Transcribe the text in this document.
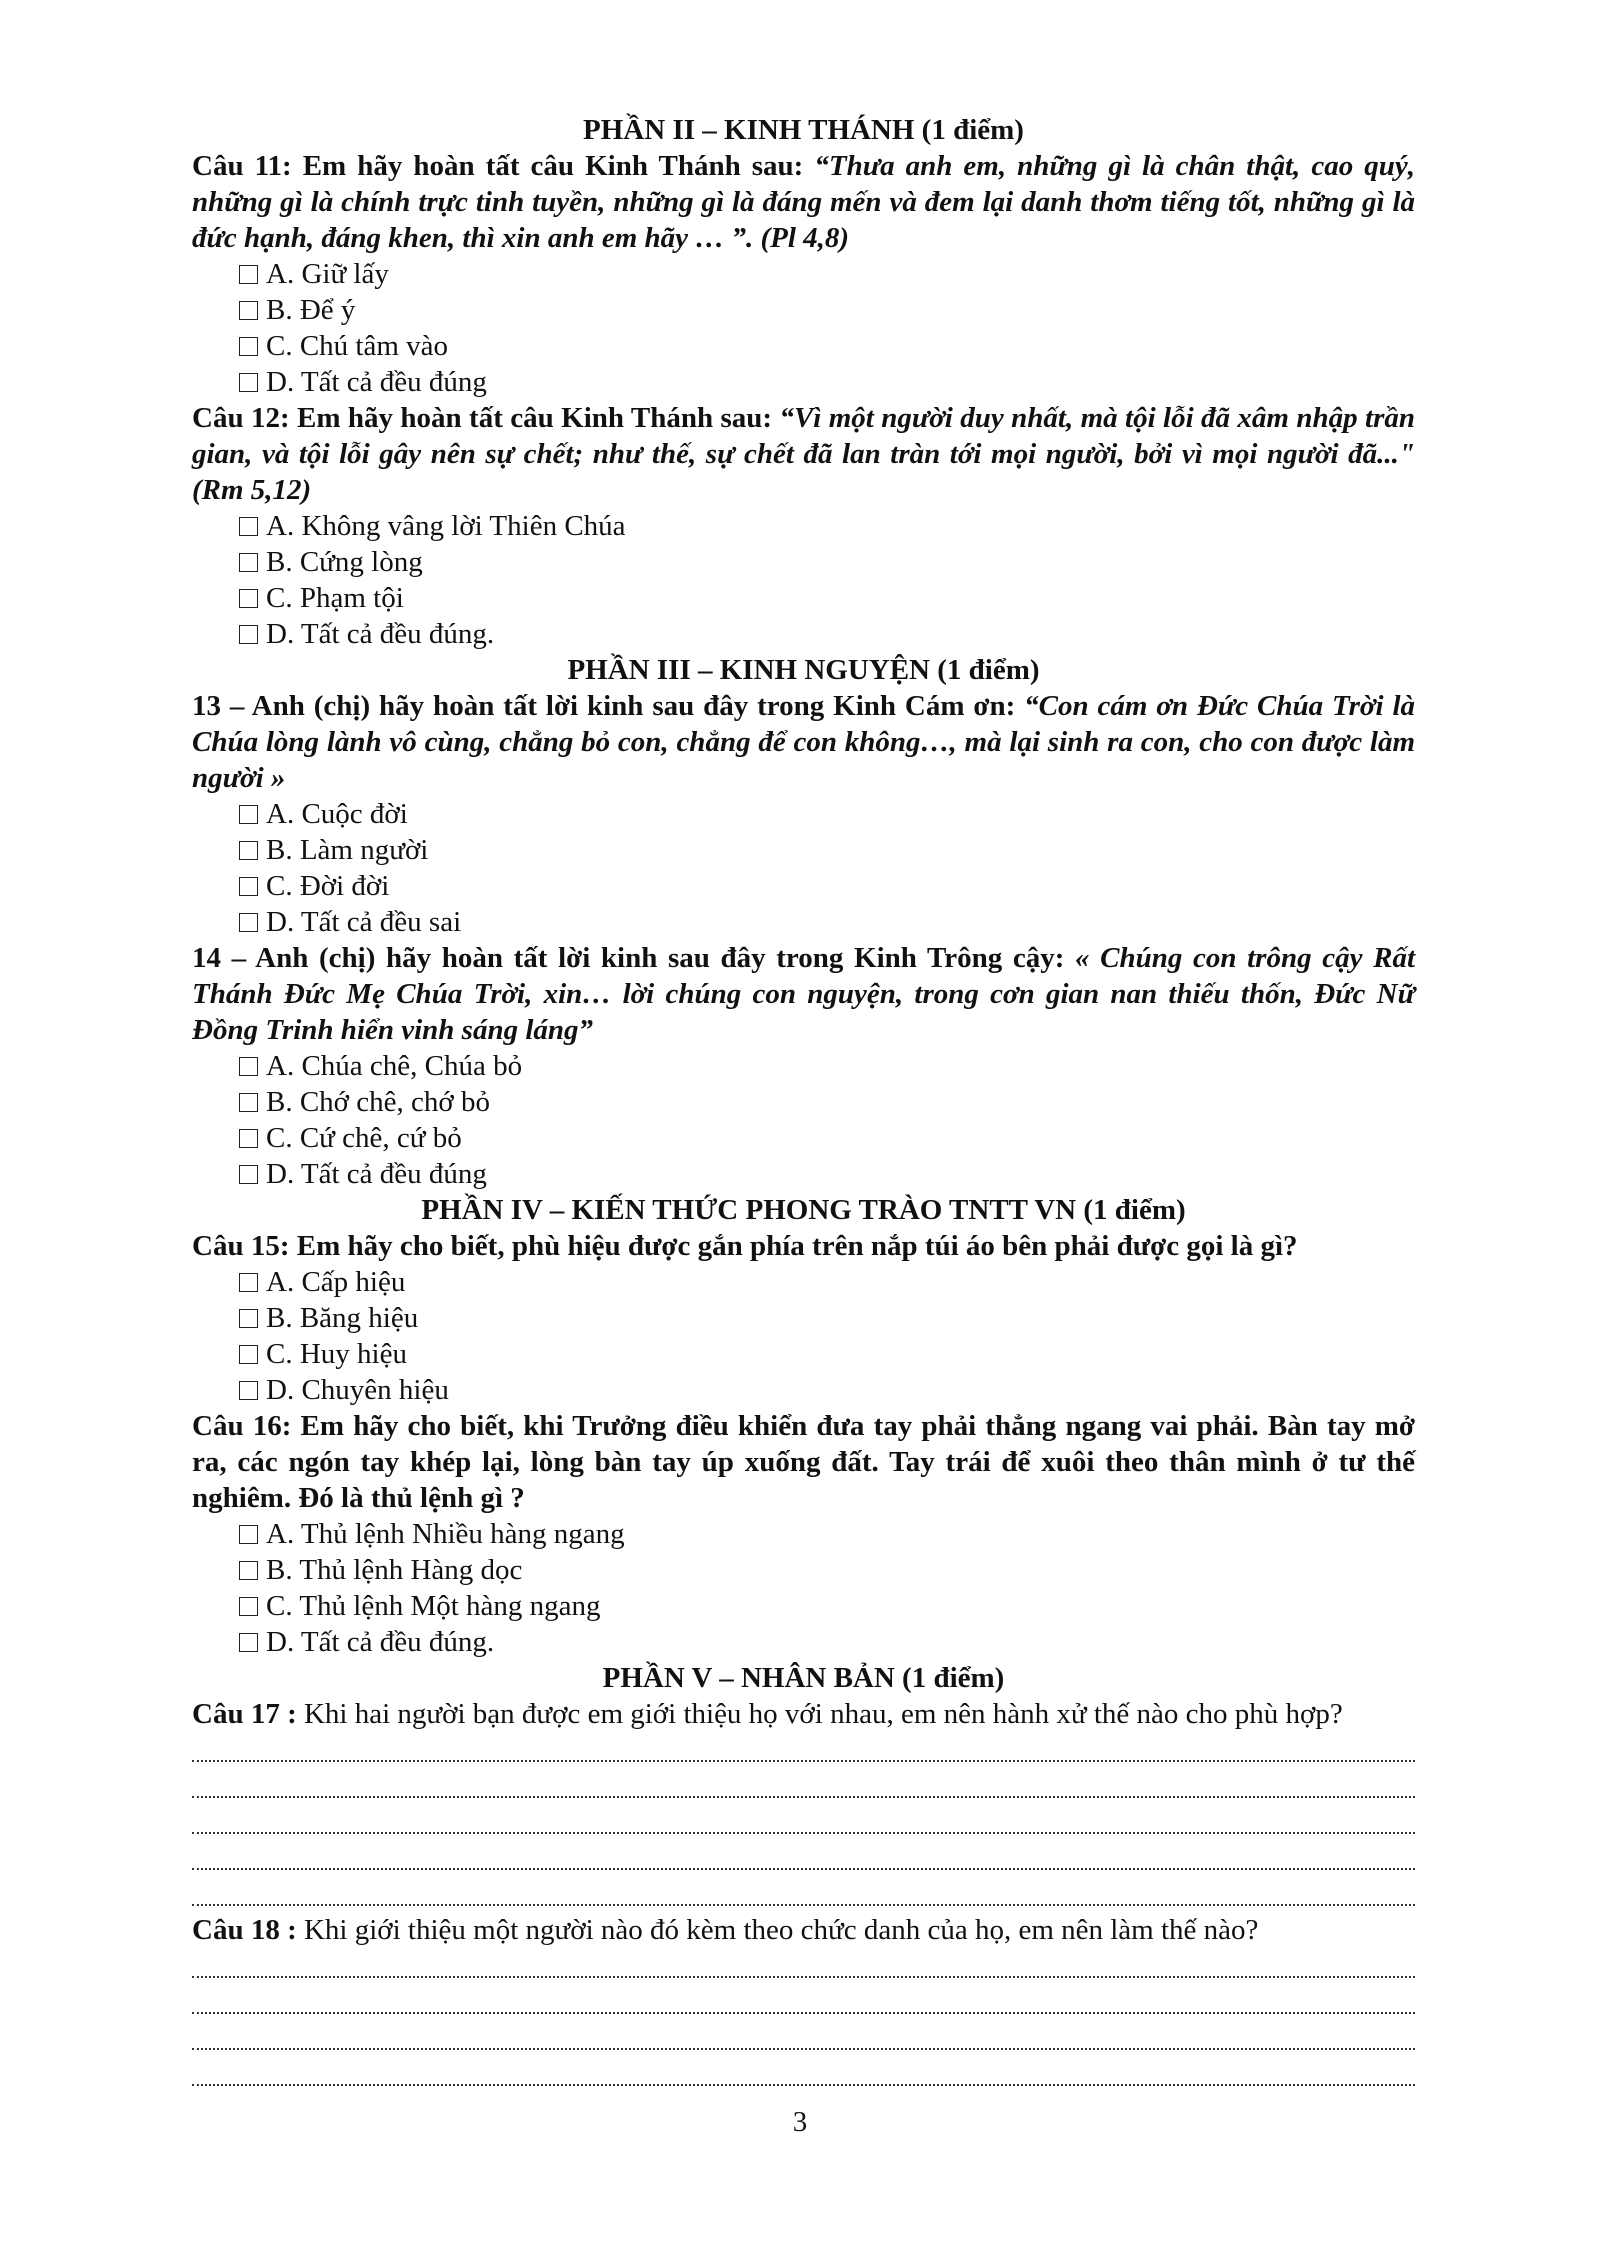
PHẦN II – KINH THÁNH (1 điểm)

Câu 11: Em hãy hoàn tất câu Kinh Thánh sau: “Thưa anh em, những gì là chân thật, cao quý, những gì là chính trực tinh tuyền, những gì là đáng mến và đem lại danh thơm tiếng tốt, những gì là đức hạnh, đáng khen, thì xin anh em hãy … ”. (Pl 4,8)

A. Giữ lấy
B. Để ý
C. Chú tâm vào
D. Tất cả đều đúng

Câu 12: Em hãy hoàn tất câu Kinh Thánh sau: “Vì một người duy nhất, mà tội lỗi đã xâm nhập trần gian, và tội lỗi gây nên sự chết; như thế, sự chết đã lan tràn tới mọi người, bởi vì mọi người đã..." (Rm 5,12)

A. Không vâng lời Thiên Chúa
B. Cứng lòng
C. Phạm tội
D. Tất cả đều đúng.

PHẦN III – KINH NGUYỆN (1 điểm)

13 – Anh (chị) hãy hoàn tất lời kinh sau đây trong Kinh Cám ơn: “Con cám ơn Đức Chúa Trời là Chúa lòng lành vô cùng, chẳng bỏ con, chẳng để con không…, mà lại sinh ra con, cho con được làm người »

A. Cuộc đời
B. Làm người
C. Đời đời
D. Tất cả đều sai

14 – Anh (chị) hãy hoàn tất lời kinh sau đây trong Kinh Trông cậy: « Chúng con trông cậy Rất Thánh Đức Mẹ Chúa Trời, xin… lời chúng con nguyện, trong cơn gian nan thiếu thốn, Đức Nữ Đồng Trinh hiển vinh sáng láng”

A. Chúa chê, Chúa bỏ
B. Chớ chê, chớ bỏ
C. Cứ chê, cứ bỏ
D. Tất cả đều đúng

PHẦN IV – KIẾN THỨC PHONG TRÀO TNTT VN (1 điểm)

Câu 15: Em hãy cho biết, phù hiệu được gắn phía trên nắp túi áo bên phải được gọi là gì?

A. Cấp hiệu
B. Băng hiệu
C. Huy hiệu
D. Chuyên hiệu

Câu 16: Em hãy cho biết, khi Trưởng điều khiển đưa tay phải thẳng ngang vai phải. Bàn tay mở ra, các ngón tay khép lại, lòng bàn tay úp xuống đất. Tay trái để xuôi theo thân mình ở tư thế nghiêm. Đó là thủ lệnh gì ?

A. Thủ lệnh Nhiều hàng ngang
B. Thủ lệnh Hàng dọc
C. Thủ lệnh Một hàng ngang
D. Tất cả đều đúng.

PHẦN V – NHÂN BẢN (1 điểm)

Câu 17 : Khi hai người bạn được em giới thiệu họ với nhau, em nên hành xử thế nào cho phù hợp?

Câu 18 : Khi giới thiệu một người nào đó kèm theo chức danh của họ, em nên làm thế nào?

3
